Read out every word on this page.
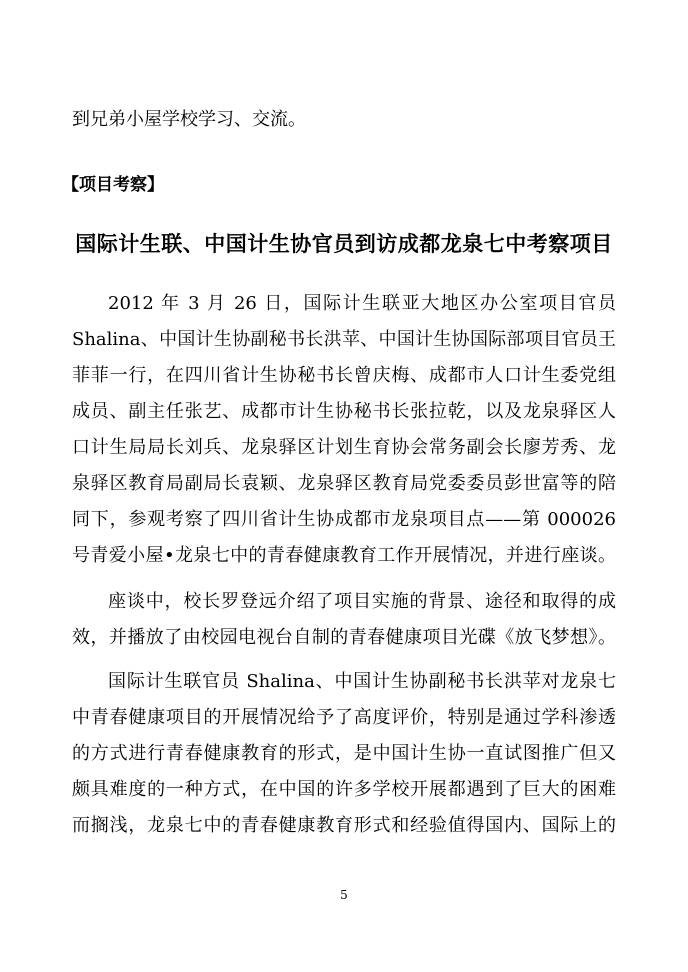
到兄弟小屋学校学习、交流。
【项目考察】
国际计生联、中国计生协官员到访成都龙泉七中考察项目
2012 年 3 月 26 日，国际计生联亚大地区办公室项目官员
Shalina、中国计生协副秘书长洪苹、中国计生协国际部项目官员王
菲菲一行，在四川省计生协秘书长曾庆梅、成都市人口计生委党组
成员、副主任张艺、成都市计生协秘书长张拉乾，以及龙泉驿区人
口计生局局长刘兵、龙泉驿区计划生育协会常务副会长廖芳秀、龙
泉驿区教育局副局长袁颖、龙泉驿区教育局党委委员彭世富等的陪
同下，参观考察了四川省计生协成都市龙泉项目点——第 000026
号青爱小屋•龙泉七中的青春健康教育工作开展情况，并进行座谈。
座谈中，校长罗登远介绍了项目实施的背景、途径和取得的成
效，并播放了由校园电视台自制的青春健康项目光碟《放飞梦想》。
国际计生联官员 Shalina、中国计生协副秘书长洪苹对龙泉七
中青春健康项目的开展情况给予了高度评价，特别是通过学科渗透
的方式进行青春健康教育的形式，是中国计生协一直试图推广但又
颇具难度的一种方式，在中国的许多学校开展都遇到了巨大的困难
而搁浅，龙泉七中的青春健康教育形式和经验值得国内、国际上的
5
